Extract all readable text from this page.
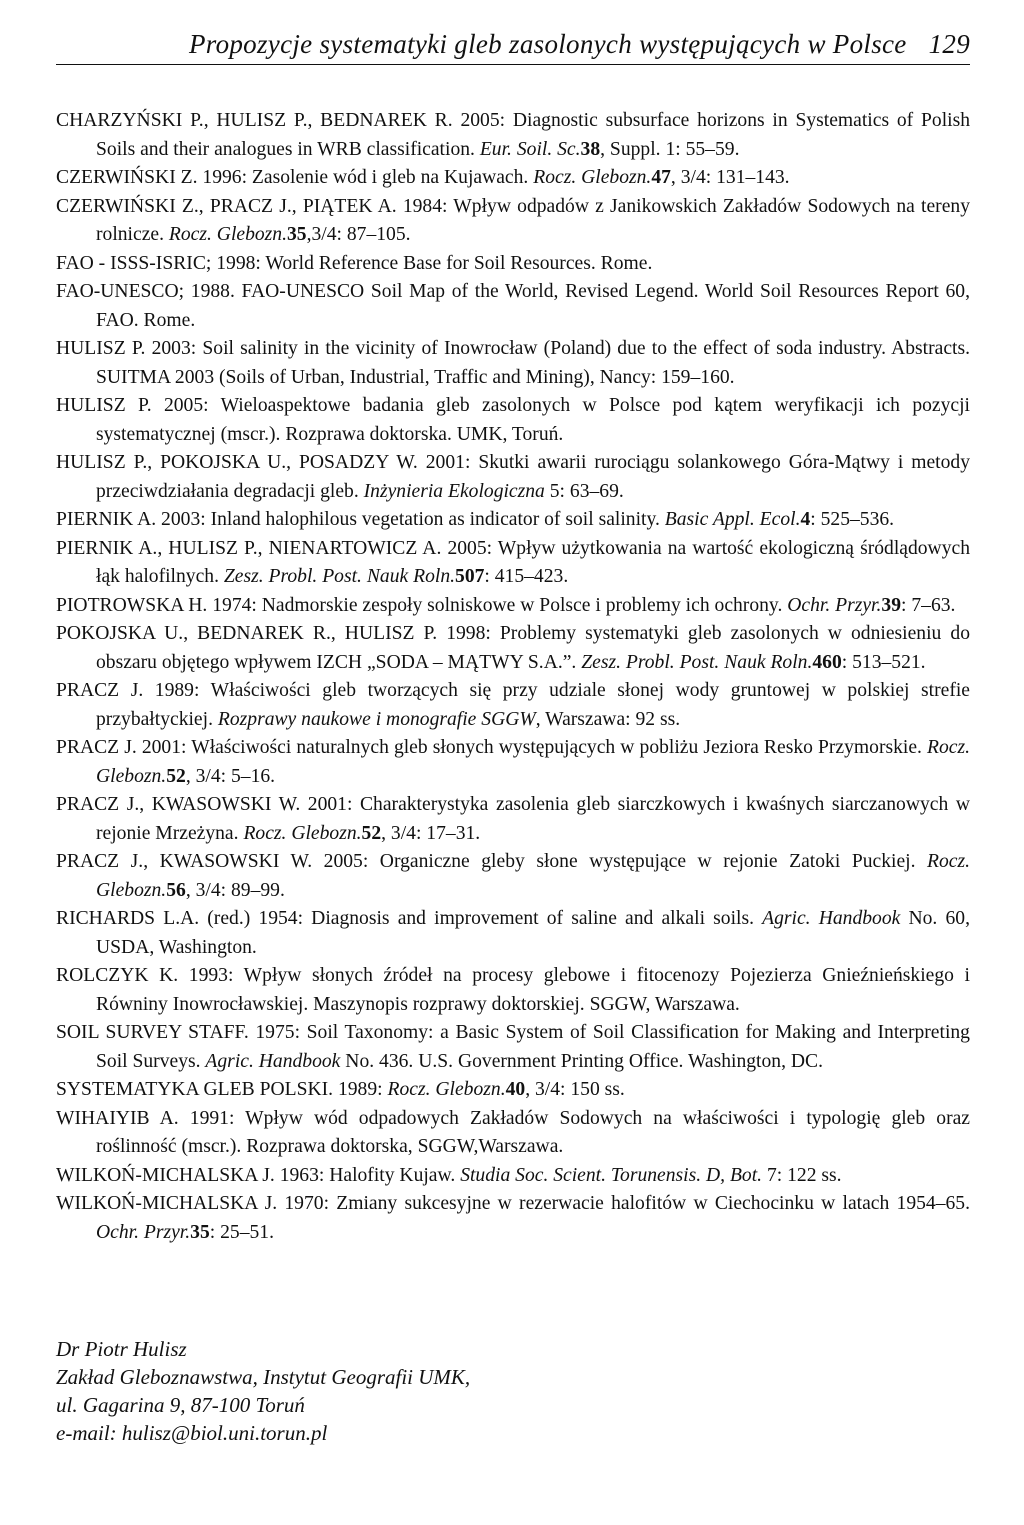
Propozycje systematyki gleb zasolonych występujących w Polsce 129

CHARZYŃSKI P., HULISZ P., BEDNAREK R. 2005: Diagnostic subsurface horizons in Systematics of Polish Soils and their analogues in WRB classification. Eur. Soil. Sc.38, Suppl. 1: 55–59.

CZERWIŃSKI Z. 1996: Zasolenie wód i gleb na Kujawach. Rocz. Glebozn.47, 3/4: 131–143.

CZERWIŃSKI Z., PRACZ J., PIĄTEK A. 1984: Wpływ odpadów z Janikowskich Zakładów Sodowych na tereny rolnicze. Rocz. Glebozn.35,3/4: 87–105.

FAO - ISSS-ISRIC; 1998: World Reference Base for Soil Resources. Rome.

FAO-UNESCO; 1988. FAO-UNESCO Soil Map of the World, Revised Legend. World Soil Resources Report 60, FAO. Rome.

HULISZ P. 2003: Soil salinity in the vicinity of Inowrocław (Poland) due to the effect of soda industry. Abstracts. SUITMA 2003 (Soils of Urban, Industrial, Traffic and Mining), Nancy: 159–160.

HULISZ P. 2005: Wieloaspektowe badania gleb zasolonych w Polsce pod kątem weryfikacji ich pozycji systematycznej (mscr.). Rozprawa doktorska. UMK, Toruń.

HULISZ P., POKOJSKA U., POSADZY W. 2001: Skutki awarii rurociągu solankowego Góra-Mątwy i metody przeciwdziałania degradacji gleb. Inżynieria Ekologiczna 5: 63–69.

PIERNIK A. 2003: Inland halophilous vegetation as indicator of soil salinity. Basic Appl. Ecol.4: 525–536.

PIERNIK A., HULISZ P., NIENARTOWICZ A. 2005: Wpływ użytkowania na wartość ekologiczną śródlądowych łąk halofilnych. Zesz. Probl. Post. Nauk Roln.507: 415–423.

PIOTROWSKA H. 1974: Nadmorskie zespoły solniskowe w Polsce i problemy ich ochrony. Ochr. Przyr.39: 7–63.

POKOJSKA U., BEDNAREK R., HULISZ P. 1998: Problemy systematyki gleb zasolonych w odniesieniu do obszaru objętego wpływem IZCH „SODA – MĄTWY S.A.”. Zesz. Probl. Post. Nauk Roln.460: 513–521.

PRACZ J. 1989: Właściwości gleb tworzących się przy udziale słonej wody gruntowej w polskiej strefie przybałtyckiej. Rozprawy naukowe i monografie SGGW, Warszawa: 92 ss.

PRACZ J. 2001: Właściwości naturalnych gleb słonych występujących w pobliżu Jeziora Resko Przymorskie. Rocz. Glebozn.52, 3/4: 5–16.

PRACZ J., KWASOWSKI W. 2001: Charakterystyka zasolenia gleb siarczkowych i kwaśnych siarczanowych w rejonie Mrzeżyna. Rocz. Glebozn.52, 3/4: 17–31.

PRACZ J., KWASOWSKI W. 2005: Organiczne gleby słone występujące w rejonie Zatoki Puckiej. Rocz. Glebozn.56, 3/4: 89–99.

RICHARDS L.A. (red.) 1954: Diagnosis and improvement of saline and alkali soils. Agric. Handbook No. 60, USDA, Washington.

ROLCZYK K. 1993: Wpływ słonych źródeł na procesy glebowe i fitocenozy Pojezierza Gnieźnieńskiego i Równiny Inowrocławskiej. Maszynopis rozprawy doktorskiej. SGGW, Warszawa.

SOIL SURVEY STAFF. 1975: Soil Taxonomy: a Basic System of Soil Classification for Making and Interpreting Soil Surveys. Agric. Handbook No. 436. U.S. Government Printing Office. Washington, DC.

SYSTEMATYKA GLEB POLSKI. 1989: Rocz. Glebozn.40, 3/4: 150 ss.

WIHAIYIB A. 1991: Wpływ wód odpadowych Zakładów Sodowych na właściwości i typologię gleb oraz roślinność (mscr.). Rozprawa doktorska, SGGW,Warszawa.

WILKOŃ-MICHALSKA J. 1963: Halofity Kujaw. Studia Soc. Scient. Torunensis. D, Bot. 7: 122 ss.

WILKOŃ-MICHALSKA J. 1970: Zmiany sukcesyjne w rezerwacie halofitów w Ciechocinku w latach 1954–65. Ochr. Przyr.35: 25–51.

Dr Piotr Hulisz
Zakład Gleboznawstwa, Instytut Geografii UMK,
ul. Gagarina 9, 87-100 Toruń
e-mail: hulisz@biol.uni.torun.pl
